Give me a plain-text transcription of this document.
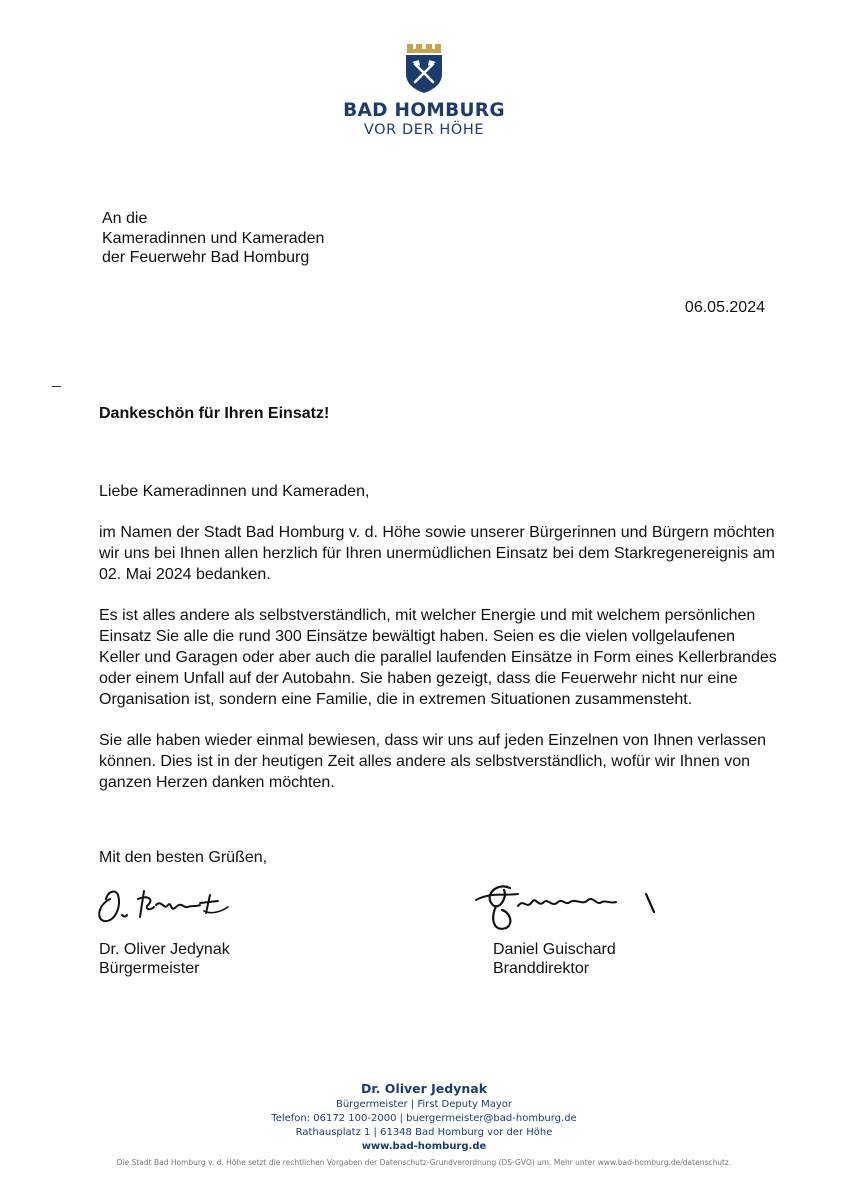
BAD HOMBURG
VOR DER HÖHE
An die
Kameradinnen und Kameraden
der Feuerwehr Bad Homburg
06.05.2024
Dankeschön für Ihren Einsatz!

Liebe Kameradinnen und Kameraden,

im Namen der Stadt Bad Homburg v. d. Höhe sowie unserer Bürgerinnen und Bürgern möchten wir uns bei Ihnen allen herzlich für Ihren unermüdlichen Einsatz bei dem Starkregenereignis am 02. Mai 2024 bedanken.

Es ist alles andere als selbstverständlich, mit welcher Energie und mit welchem persönlichen Einsatz Sie alle die rund 300 Einsätze bewältigt haben. Seien es die vielen vollgelaufenen Keller und Garagen oder aber auch die parallel laufenden Einsätze in Form eines Kellerbrandes oder einem Unfall auf der Autobahn. Sie haben gezeigt, dass die Feuerwehr nicht nur eine Organisation ist, sondern eine Familie, die in extremen Situationen zusammensteht.

Sie alle haben wieder einmal bewiesen, dass wir uns auf jeden Einzelnen von Ihnen verlassen können. Dies ist in der heutigen Zeit alles andere als selbstverständlich, wofür wir Ihnen von ganzen Herzen danken möchten.

Mit den besten Grüßen,
Dr. Oliver Jedynak
Bürgermeister
Daniel Guischard
Branddirektor
Dr. Oliver Jedynak
Bürgermeister | First Deputy Mayor
Telefon: 06172 100-2000 | buergermeister@bad-homburg.de
Rathausplatz 1 | 61348 Bad Homburg vor der Höhe
www.bad-homburg.de
Die Stadt Bad Homburg v. d. Höhe setzt die rechtlichen Vorgaben der Datenschutz-Grundverordnung (DS-GVO) um. Mehr unter www.bad-homburg.de/datenschutz.
